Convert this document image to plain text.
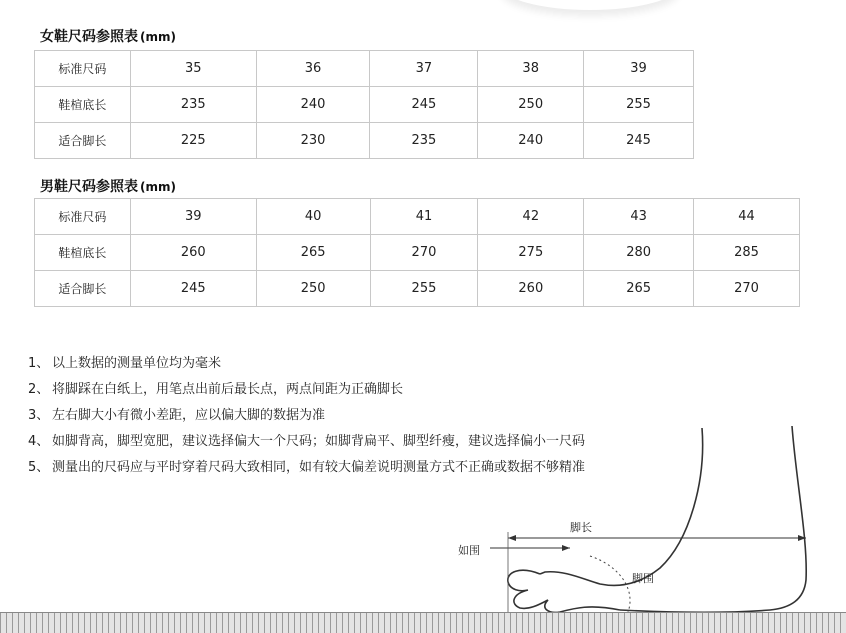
女鞋尺码参照表 (mm)
标准尺码	35	36	37	38	39
鞋楦底长	235	240	245	250	255
适合脚长	225	230	235	240	245
男鞋尺码参照表 (mm)
标准尺码	39	40	41	42	43	44
鞋楦底长	260	265	270	275	280	285
适合脚长	245	250	255	260	265	270
1、 以上数据的测量单位均为毫米
2、 将脚踩在白纸上，用笔点出前后最长点，两点间距为正确脚长
3、 左右脚大小有微小差距，应以偏大脚的数据为准
4、 如脚背高，脚型宽肥，建议选择偏大一个尺码；如脚背扁平、脚型纤瘦，建议选择偏小一尺码
5、 测量出的尺码应与平时穿着尺码大致相同，如有较大偏差说明测量方式不正确或数据不够精准
脚长
如围
脚围
